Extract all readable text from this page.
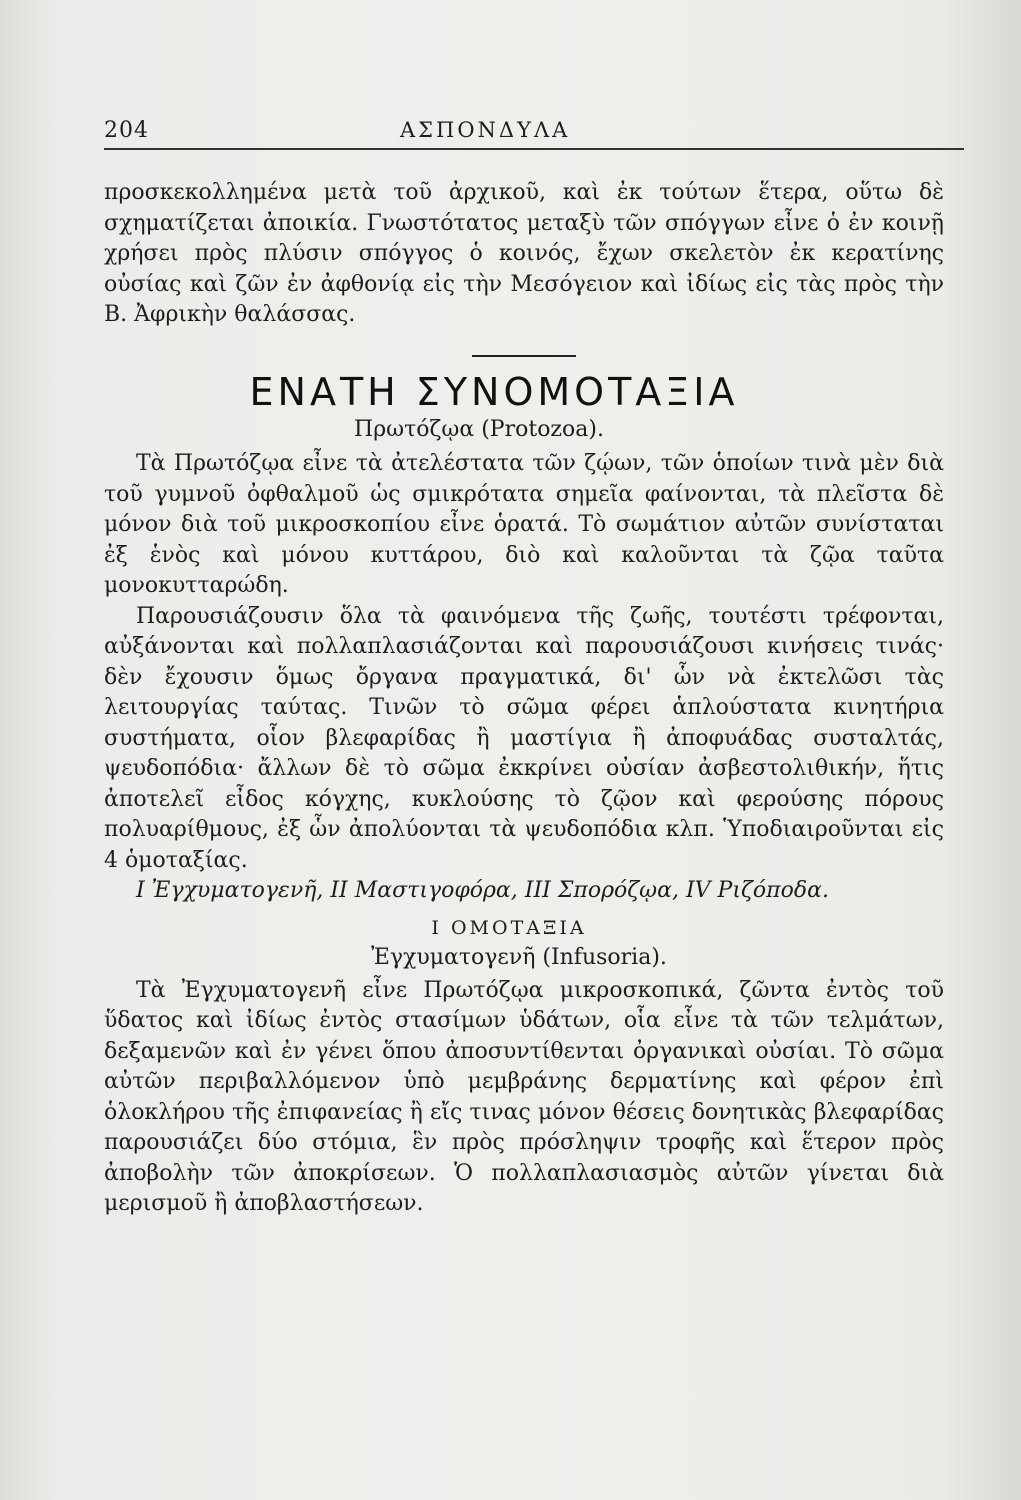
204	ΑΣΠΟΝΔΥΛΑ

προσκεκολλημένα μετὰ τοῦ ἀρχικοῦ, καὶ ἐκ τούτων ἕτερα, οὕτω δὲ σχηματίζεται ἀποικία. Γνωστότατος μεταξὺ τῶν σπόγγων εἶνε ὁ ἐν κοινῇ χρήσει πρὸς πλύσιν σπόγγος ὁ κοινός, ἔχων σκελετὸν ἐκ κερατίνης οὐσίας καὶ ζῶν ἐν ἀφθονίᾳ εἰς τὴν Μεσόγειον καὶ ἰδίως εἰς τὰς πρὸς τὴν Β. Ἀφρικὴν θαλάσσας.

ΕΝΑΤΗ ΣΥΝΟΜΟΤΑΞΙΑ
Πρωτόζῳα (Protozoa).

Τὰ Πρωτόζῳα εἶνε τὰ ἀτελέστατα τῶν ζῴων, τῶν ὁποίων τινὰ μὲν διὰ τοῦ γυμνοῦ ὀφθαλμοῦ ὡς σμικρότατα σημεῖα φαίνονται, τὰ πλεῖστα δὲ μόνον διὰ τοῦ μικροσκοπίου εἶνε ὁρατά. Τὸ σωμάτιον αὐτῶν συνίσταται ἐξ ἑνὸς καὶ μόνου κυττάρου, διὸ καὶ καλοῦνται τὰ ζῷα ταῦτα μονοκυτταρώδη.

Παρουσιάζουσιν ὅλα τὰ φαινόμενα τῆς ζωῆς, τουτέστι τρέφονται, αὐξάνονται καὶ πολλαπλασιάζονται καὶ παρουσιάζουσι κινήσεις τινάς· δὲν ἔχουσιν ὅμως ὄργανα πραγματικά, δι' ὧν νὰ ἐκτελῶσι τὰς λειτουργίας ταύτας. Τινῶν τὸ σῶμα φέρει ἁπλούστατα κινητήρια συστήματα, οἷον βλεφαρίδας ἢ μαστίγια ἢ ἀποφυάδας συσταλτάς, ψευδοπόδια· ἄλλων δὲ τὸ σῶμα ἐκκρίνει οὐσίαν ἀσβεστολιθικήν, ἥτις ἀποτελεῖ εἶδος κόγχης, κυκλούσης τὸ ζῷον καὶ φερούσης πόρους πολυαρίθμους, ἐξ ὧν ἀπολύονται τὰ ψευδοπόδια κλπ. Ὑποδιαιροῦνται εἰς 4 ὁμοταξίας.

I Ἐγχυματογενῆ, II Μαστιγοφόρα, III Σπορόζῳα, IV Ριζόποδα.

I ΟΜΟΤΑΞΙΑ
Ἐγχυματογενῆ (Infusoria).

Τὰ Ἐγχυματογενῆ εἶνε Πρωτόζῳα μικροσκοπικά, ζῶντα ἐντὸς τοῦ ὕδατος καὶ ἰδίως ἐντὸς στασίμων ὑδάτων, οἷα εἶνε τὰ τῶν τελμάτων, δεξαμενῶν καὶ ἐν γένει ὅπου ἀποσυντίθενται ὀργανικαὶ οὐσίαι. Τὸ σῶμα αὐτῶν περιβαλλόμενον ὑπὸ μεμβράνης δερματίνης καὶ φέρον ἐπὶ ὁλοκλήρου τῆς ἐπιφανείας ἢ εἴς τινας μόνον θέσεις δονητικὰς βλεφαρίδας παρουσιάζει δύο στόμια, ἓν πρὸς πρόσληψιν τροφῆς καὶ ἕτερον πρὸς ἀποβολὴν τῶν ἀποκρίσεων. Ὁ πολλαπλασιασμὸς αὐτῶν γίνεται διὰ μερισμοῦ ἢ ἀποβλαστήσεων.
